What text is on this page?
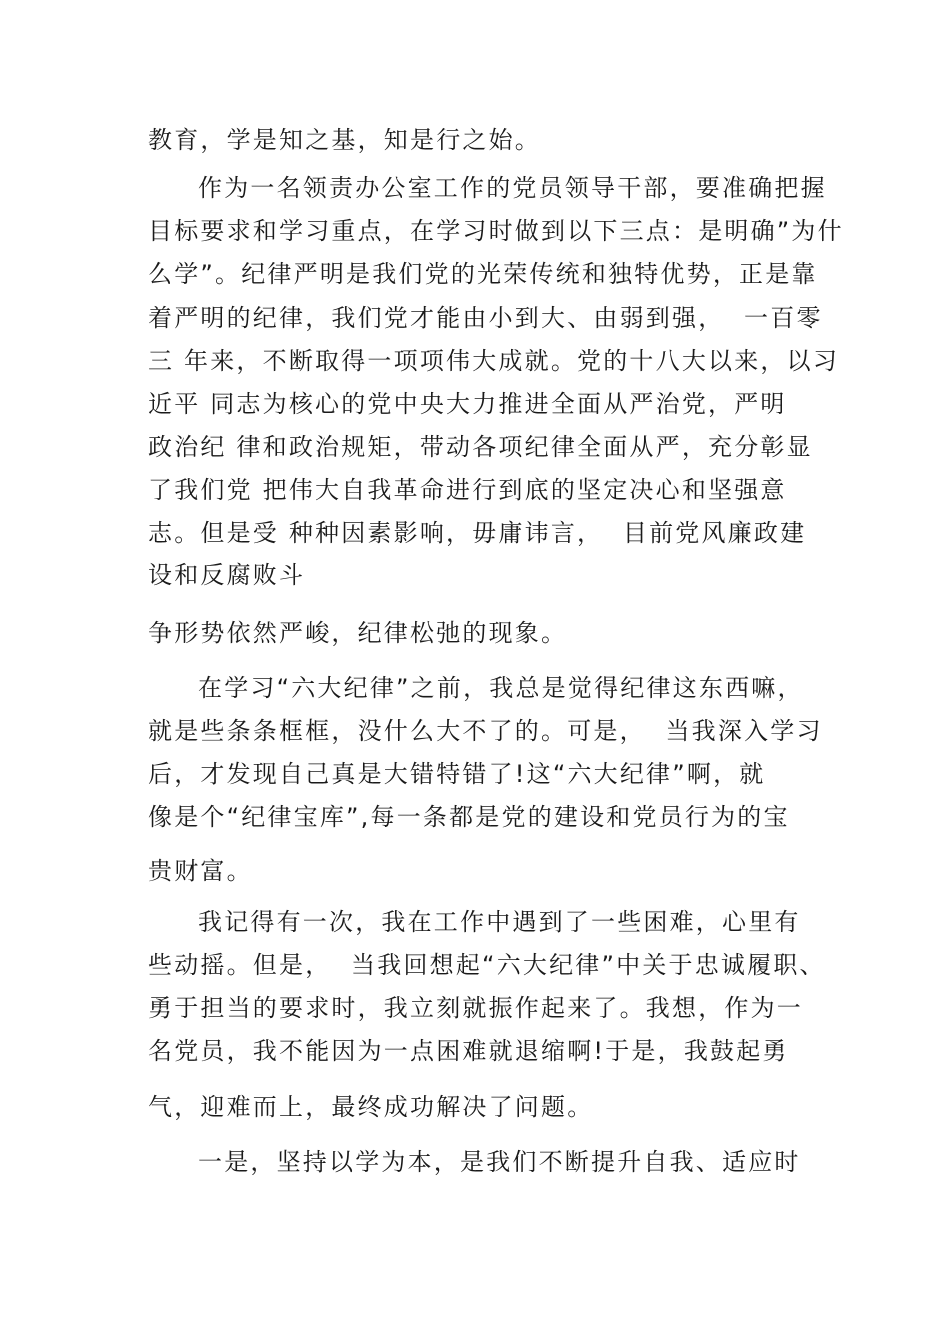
教育，学是知之基，知是行之始。

作为一名领责办公室工作的党员领导干部，要准确把握

目标要求和学习重点，在学习时做到以下三点：是明确”为什

么学”。纪律严明是我们党的光荣传统和独特优势，正是靠

着严明的纪律，我们党才能由小到大、由弱到强，  一百零

三 年来，不断取得一项项伟大成就。党的十八大以来，以习

近平 同志为核心的党中央大力推进全面从严治党，严明

政治纪 律和政治规矩，带动各项纪律全面从严，充分彰显

了我们党 把伟大自我革命进行到底的坚定决心和坚强意

志。但是受 种种因素影响，毋庸讳言，  目前党风廉政建

设和反腐败斗

争形势依然严峻，纪律松弛的现象。

在学习“六大纪律”之前，我总是觉得纪律这东西嘛，

就是些条条框框，没什么大不了的。可是，  当我深入学习

后，才发现自己真是大错特错了!这“六大纪律”啊，就

像是个“纪律宝库”,每一条都是党的建设和党员行为的宝

贵财富。

我记得有一次，我在工作中遇到了一些困难，心里有

些动摇。但是，  当我回想起“六大纪律”中关于忠诚履职、

勇于担当的要求时，我立刻就振作起来了。我想，作为一

名党员，我不能因为一点困难就退缩啊!于是，我鼓起勇

气，迎难而上，最终成功解决了问题。

一是，坚持以学为本，是我们不断提升自我、适应时
